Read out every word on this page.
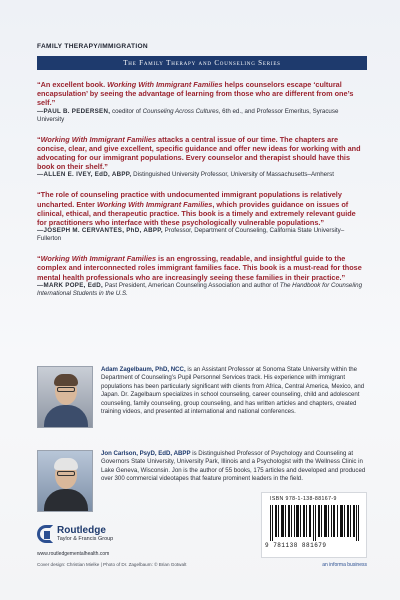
FAMILY THERAPY/IMMIGRATION
The Family Therapy and Counseling Series
“An excellent book. Working With Immigrant Families helps counselors escape ‘cultural encapsulation’ by seeing the advantage of learning from those who are different from one’s self.”
—PAUL B. PEDERSEN, coeditor of Counseling Across Cultures, 6th ed., and Professor Emeritus, Syracuse University
“Working With Immigrant Families attacks a central issue of our time. The chapters are concise, clear, and give excellent, specific guidance and offer new ideas for working with and advocating for our immigrant populations. Every counselor and therapist should have this book on their shelf.”
—ALLEN E. IVEY, EdD, ABPP, Distinguished University Professor, University of Massachusetts–Amherst
“The role of counseling practice with undocumented immigrant populations is relatively uncharted. Enter Working With Immigrant Families, which provides guidance on issues of clinical, ethical, and therapeutic practice. This book is a timely and extremely relevant guide for practitioners who interface with these psychologically vulnerable populations.”
—JOSEPH M. CERVANTES, PhD, ABPP, Professor, Department of Counseling, California State University–Fullerton
“Working With Immigrant Families is an engrossing, readable, and insightful guide to the complex and interconnected roles immigrant families face. This book is a must-read for those mental health professionals who are increasingly seeing these families in their practice.”
—MARK POPE, EdD, Past President, American Counseling Association and author of The Handbook for Counseling International Students in the U.S.
Adam Zagelbaum, PhD, NCC, is an Assistant Professor at Sonoma State University within the Department of Counseling’s Pupil Personnel Services track. His experience with immigrant populations has been particularly significant with clients from Africa, Central America, Mexico, and Japan. Dr. Zagelbaum specializes in school counseling, career counseling, child and adolescent counseling, family counseling, group counseling, and has written articles and chapters, created training videos, and presented at international and national conferences.
Jon Carlson, PsyD, EdD, ABPP is Distinguished Professor of Psychology and Counseling at Governors State University, University Park, Illinois and a Psychologist with the Wellness Clinic in Lake Geneva, Wisconsin. Jon is the author of 55 books, 175 articles and developed and produced over 300 commercial videotapes that feature prominent leaders in the field.
Routledge
Taylor & Francis Group
www.routledgementalhealth.com
Cover design: Christian Mielke | Photo of Dr. Zagelbaum: © Brian Gotwalt
ISBN 978-1-138-88167-9
9 781138 881679
an informa business
